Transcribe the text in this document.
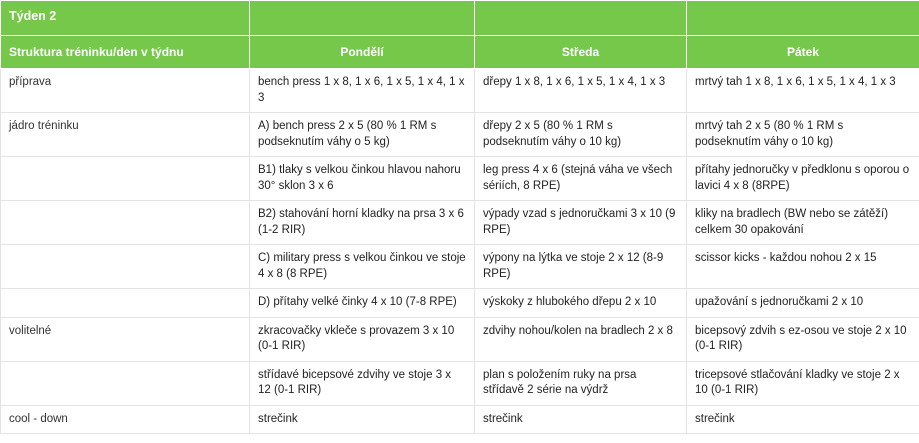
Týden 2			
Struktura tréninku/den v týdnu	Pondělí	Středa	Pátek
příprava	bench press 1 x 8, 1 x 6, 1 x 5, 1 x 4, 1 x 3	dřepy 1 x 8, 1 x 6, 1 x 5, 1 x 4, 1 x 3	mrtvý tah 1 x 8, 1 x 6, 1 x 5, 1 x 4, 1 x 3
jádro tréninku	A) bench press 2 x 5 (80 % 1 RM s podseknutím váhy o 5 kg)	dřepy 2 x 5 (80 % 1 RM s podseknutím váhy o 10 kg)	mrtvý tah 2 x 5 (80 % 1 RM s podseknutím váhy o 10 kg)
	B1) tlaky s velkou činkou hlavou nahoru 30° sklon 3 x 6	leg press 4 x 6 (stejná váha ve všech sériích, 8 RPE)	přítahy jednoručky v předklonu s oporou o lavici 4 x 8 (8RPE)
	B2) stahování horní kladky na prsa 3 x 6 (1-2 RIR)	výpady vzad s jednoručkami 3 x 10 (9 RPE)	kliky na bradlech (BW nebo se zátěží) celkem 30 opakování
	C) military press s velkou činkou ve stoje 4 x 8 (8 RPE)	výpony na lýtka ve stoje 2 x 12 (8-9 RPE)	scissor kicks - každou nohou 2 x 15
	D) přítahy velké činky 4 x 10 (7-8 RPE)	výskoky z hlubokého dřepu 2 x 10	upažování s jednoručkami 2 x 10
volitelné	zkracovačky vkleče s provazem 3 x 10 (0-1 RIR)	zdvihy nohou/kolen na bradlech 2 x 8	bicepsový zdvih s ez-osou ve stoje 2 x 10 (0-1 RIR)
	střídavé bicepsové zdvihy ve stoje 3 x 12 (0-1 RIR)	plan s položením ruky na prsa střídavě 2 série na výdrž	tricepsové stlačování kladky ve stoje 2 x 10 (0-1 RIR)
cool - down	strečink	strečink	strečink
